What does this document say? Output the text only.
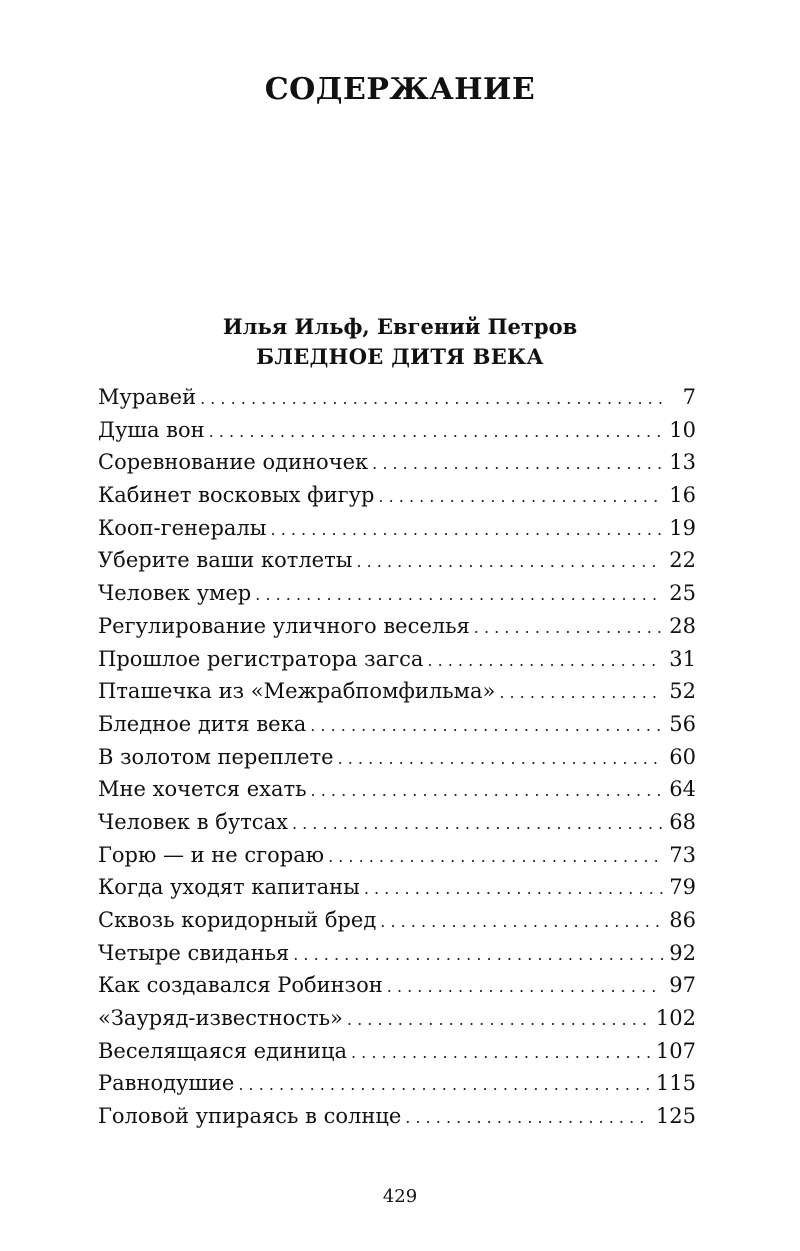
СОДЕРЖАНИЕ
Илья Ильф, Евгений Петров
БЛЕДНОЕ ДИТЯ ВЕКА
Муравей . . .	7
Душа вон . . .	10
Соревнование одиночек . . .	13
Кабинет восковых фигур . . .	16
Кооп-генералы . . .	19
Уберите ваши котлеты . . .	22
Человек умер . . .	25
Регулирование уличного веселья . . .	28
Прошлое регистратора загса . . .	31
Пташечка из «Межрабпомфильма» . . .	52
Бледное дитя века . . .	56
В золотом переплете . . .	60
Мне хочется ехать . . .	64
Человек в бутсах . . .	68
Горю — и не сгораю . . .	73
Когда уходят капитаны . . .	79
Сквозь коридорный бред . . .	86
Четыре свиданья . . .	92
Как создавался Робинзон . . .	97
«Зауряд-известность» . . .	102
Веселящаяся единица . . .	107
Равнодушие . . .	115
Головой упираясь в солнце . . .	125
429
